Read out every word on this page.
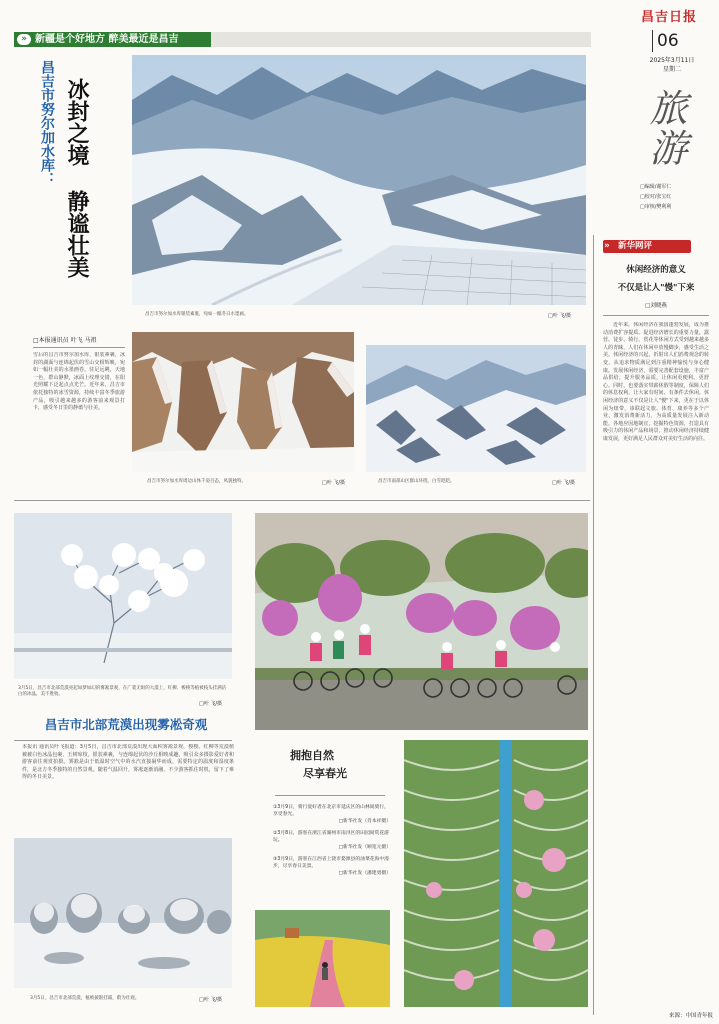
» 新疆是个好地方 醉美最近是昌吉
昌吉日报
06
2025年3月11日
星期二
旅游
□编辑/谢军仁
□校对/张宝红
□审核/樊利利
昌吉市努尔加水库： 冰封之境
静谧壮美
□本报通讯员 叶飞 马祖
雪后的昌吉市努尔加水库，银装素裹，冰封的湖面与连绵起伏的雪山交相辉映，宛如一幅壮美的水墨画卷。驻足远眺，天地一色，群山静默，冰面上纹理交错，在阳光照耀下泛起点点光芒。近年来，昌吉市依托独特的冰雪资源，持续丰富冬季旅游产品，吸引越来越多的游客前来观景打卡，感受冬日里的静谧与壮美。
昌吉市努尔加水库银装素裹，宛如一幅冬日水墨画。	□叶 飞/摄
昌吉市努尔加水库周边山体千姿百态，风貌独特。	□叶 飞/摄	昌吉市南部山区群山环绕，白雪皑皑。	□叶 飞/摄
3月5日，昌吉市北部荒漠亮起如梦如幻的雾凇景观，在广袤无垠的大漠上，红柳、梭梭等植被枝头挂满洁白的冰晶，美不胜收。
□叶 飞/摄
昌吉市北部荒漠出现雾凇奇观
本报讯 通讯员叶飞报道：3月5日，昌吉市北部荒漠出现大面积雾凇景观，梭梭、红柳等荒漠植被被白色冰晶包裹，玉树琼枝，银装素裹，与连绵起伏的沙丘相映成趣，吸引众多摄影爱好者和游客前往观赏拍摄。雾凇是由于低温时空气中的水汽直接凝华而成，需要特定的温度和湿度条件，是北方冬季独特的自然景观。随着气温回升，雾凇逐渐消融，不少游客抓住时机，留下了难得的冬日美景。
3月5日，昌吉市北部荒漠，植被披银挂霜，蔚为壮观。	□叶 飞/摄
拥抱自然
尽享春光
①3月9日，骑行爱好者在北京市延庆区的山林间骑行，享受春光。
□新华社发（肖本祥摄）
②3月8日，游客在浙江省湖州市南浔区的田园间赏花游玩。
□新华社发（顾宽元摄）
③3月9日，游客在江西省上饶市婺源县的油菜花海中漫步，尽享春日美景。
□新华社发（潘建勇摄）
» 新华网评
休闲经济的意义
不仅是让人"慢"下来
□刘晓燕
近年来，休闲经济在我国蓬勃发展，成为推动消费扩容提质、促进经济增长的重要力量。露营、徒步、骑行、赏花等休闲方式受到越来越多人的青睐，人们在休闲中放慢脚步，感受生活之美。休闲经济的兴起，折射出人们消费观念的转变，从追求物质满足到注重精神愉悦与身心健康。发展休闲经济，需要完善配套设施，丰富产品供给，提升服务品质，让休闲更便利、更舒心。同时，也要落实带薪休假等制度，保障人们的休息权利，让大家有时间、有条件去休闲。休闲经济的意义不仅是让人"慢"下来，更在于以休闲为纽带，串联起文旅、体育、康养等多个产业，激发消费新活力，为高质量发展注入新动能。各地应因地制宜，挖掘特色资源，打造具有吸引力的休闲产品和场景，推动休闲经济持续健康发展，更好满足人民群众对美好生活的向往。
来源：中国青年报
